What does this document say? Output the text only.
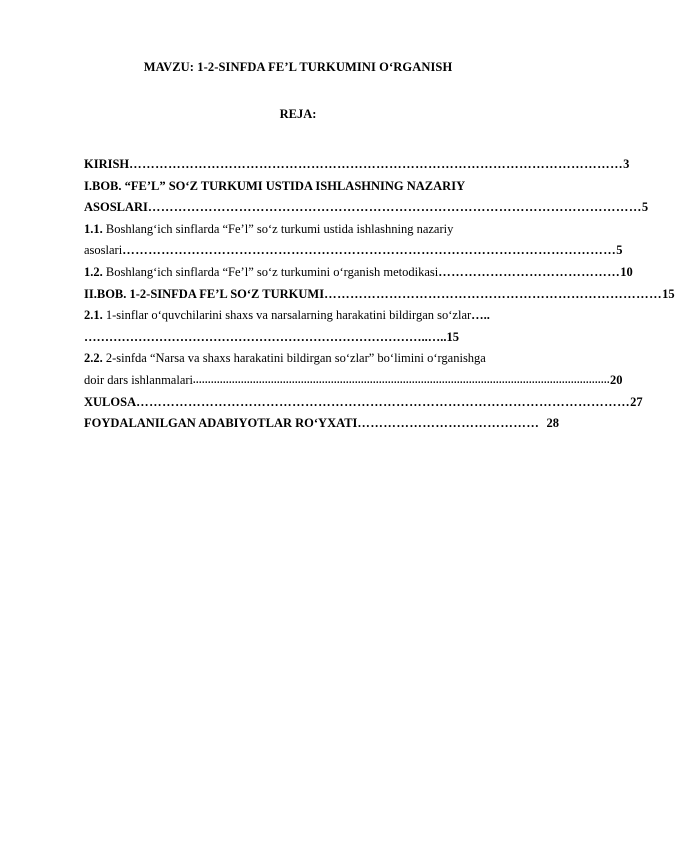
MAVZU: 1-2-SINFDA FE’L TURKUMINI O‘RGANISH
REJA:
KIRISH …………………………………………………………………………………………………… 3
I.BOB. “FE’L” SO‘Z TURKUMI USTIDA ISHLASHNING NAZARIY
ASOSLARI …………………………………………………………………………………………………… 5
1.1. Boshlang‘ich sinflarda “Fe’l” so‘z turkumi ustida ishlashning nazariy
asoslari …………………………………………………………………………………………………… 5
1.2. Boshlang‘ich sinflarda “Fe’l” so‘z turkumini o‘rganish metodikasi …………………………………… 10
II.BOB. 1-2-SINFDA FE’L SO‘Z TURKUMI …………………………………………………………………… 15
2.1. 1-sinflar o‘quvchilarini shaxs va narsalarning harakatini bildirgan so‘zlar…..
………………………………………………………………………..…..15
2.2. 2-sinfda “Narsa va shaxs harakatini bildirgan so‘zlar” bo‘limini o‘rganishga
doir dars ishlanmalari ........................................................................................................................................... 20
XULOSA …………………………………………………………………………………………………… 27
FOYDALANILGAN ADABIYOTLAR RO‘YXATI …………………………………… 28
